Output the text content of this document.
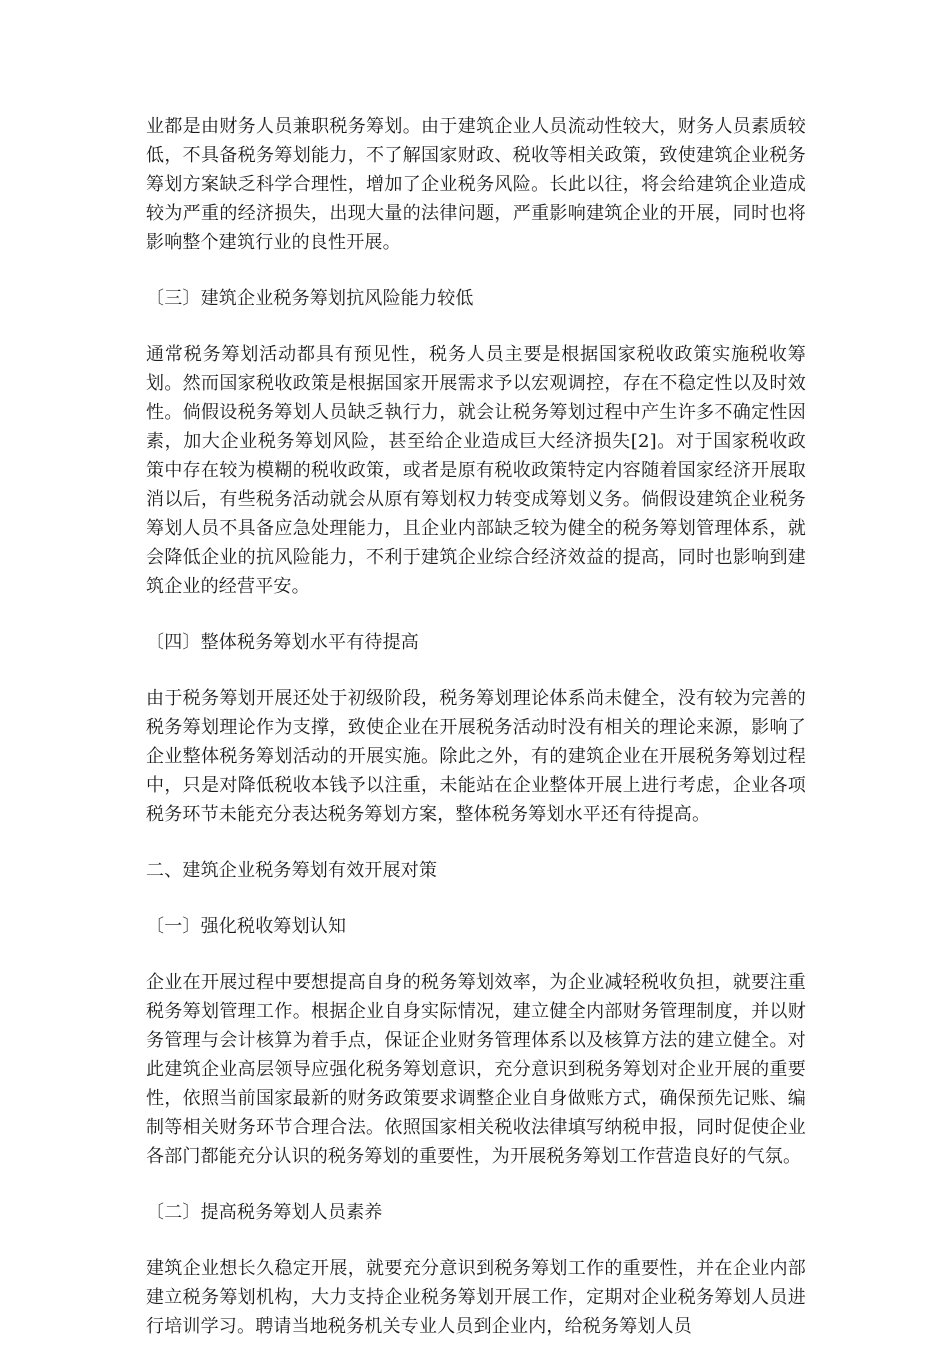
业都是由财务人员兼职税务筹划。由于建筑企业人员流动性较大，财务人员素质较低，不具备税务筹划能力，不了解国家财政、税收等相关政策，致使建筑企业税务筹划方案缺乏科学合理性，增加了企业税务风险。长此以往，将会给建筑企业造成较为严重的经济损失，出现大量的法律问题，严重影响建筑企业的开展，同时也将影响整个建筑行业的良性开展。

〔三〕建筑企业税务筹划抗风险能力较低

通常税务筹划活动都具有预见性，税务人员主要是根据国家税收政策实施税收筹划。然而国家税收政策是根据国家开展需求予以宏观调控，存在不稳定性以及时效性。倘假设税务筹划人员缺乏執行力，就会让税务筹划过程中产生许多不确定性因素，加大企业税务筹划风险，甚至给企业造成巨大经济损失[2]。对于国家税收政策中存在较为模糊的税收政策，或者是原有税收政策特定内容随着国家经济开展取消以后，有些税务活动就会从原有筹划权力转变成筹划义务。倘假设建筑企业税务筹划人员不具备应急处理能力，且企业内部缺乏较为健全的税务筹划管理体系，就会降低企业的抗风险能力，不利于建筑企业综合经济效益的提高，同时也影响到建筑企业的经营平安。

〔四〕整体税务筹划水平有待提高

由于税务筹划开展还处于初级阶段，税务筹划理论体系尚未健全，没有较为完善的税务筹划理论作为支撑，致使企业在开展税务活动时没有相关的理论来源，影响了企业整体税务筹划活动的开展实施。除此之外，有的建筑企业在开展税务筹划过程中，只是对降低税收本钱予以注重，未能站在企业整体开展上进行考虑，企业各项税务环节未能充分表达税务筹划方案，整体税务筹划水平还有待提高。

二、建筑企业税务筹划有效开展对策

〔一〕强化税收筹划认知

企业在开展过程中要想提高自身的税务筹划效率，为企业减轻税收负担，就要注重税务筹划管理工作。根据企业自身实际情况，建立健全内部财务管理制度，并以财务管理与会计核算为着手点，保证企业财务管理体系以及核算方法的建立健全。对此建筑企业高层领导应强化税务筹划意识，充分意识到税务筹划对企业开展的重要性，依照当前国家最新的财务政策要求调整企业自身做账方式，确保预先记账、编制等相关财务环节合理合法。依照国家相关税收法律填写纳税申报，同时促使企业各部门都能充分认识的税务筹划的重要性，为开展税务筹划工作营造良好的气氛。

〔二〕提高税务筹划人员素养

建筑企业想长久稳定开展，就要充分意识到税务筹划工作的重要性，并在企业内部建立税务筹划机构，大力支持企业税务筹划开展工作，定期对企业税务筹划人员进行培训学习。聘请当地税务机关专业人员到企业内，给税务筹划人员
